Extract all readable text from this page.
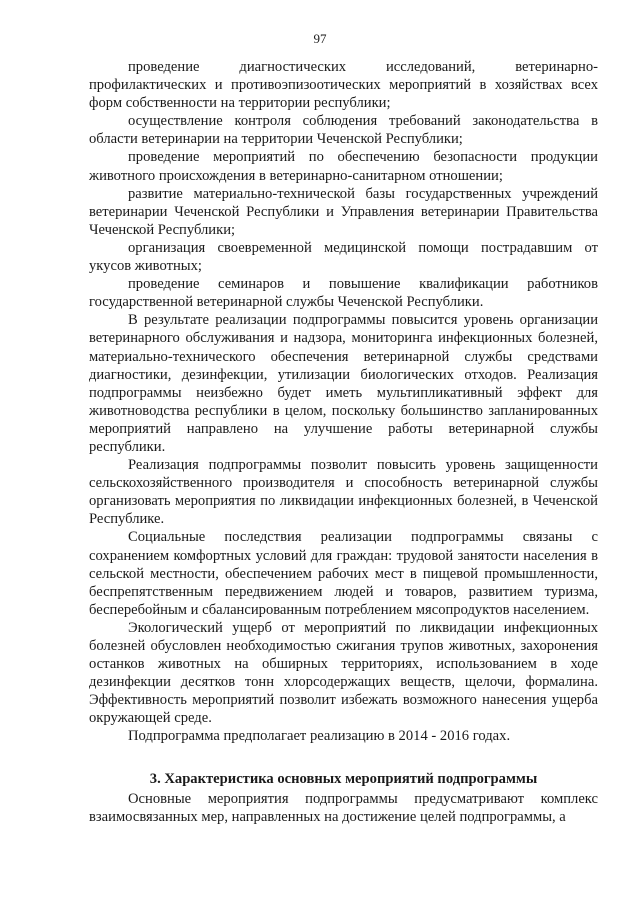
97

проведение диагностических исследований, ветеринарно-профилактических и противоэпизоотических мероприятий в хозяйствах всех форм собственности на территории республики;

осуществление контроля соблюдения требований законодательства в области ветеринарии на территории Чеченской Республики;

проведение мероприятий по обеспечению безопасности продукции животного происхождения в ветеринарно-санитарном отношении;

развитие материально-технической базы государственных учреждений ветеринарии Чеченской Республики и Управления ветеринарии Правительства Чеченской Республики;

организация своевременной медицинской помощи пострадавшим от укусов животных;

проведение семинаров и повышение квалификации работников государственной ветеринарной службы Чеченской Республики.

В результате реализации подпрограммы повысится уровень организации ветеринарного обслуживания и надзора, мониторинга инфекционных болезней, материально-технического обеспечения ветеринарной службы средствами диагностики, дезинфекции, утилизации биологических отходов. Реализация подпрограммы неизбежно будет иметь мультипликативный эффект для животноводства республики в целом, поскольку большинство запланированных мероприятий направлено на улучшение работы ветеринарной службы республики.

Реализация подпрограммы позволит повысить уровень защищенности сельскохозяйственного производителя и способность ветеринарной службы организовать мероприятия по ликвидации инфекционных болезней, в Чеченской Республике.

Социальные последствия реализации подпрограммы связаны с сохранением комфортных условий для граждан: трудовой занятости населения в сельской местности, обеспечением рабочих мест в пищевой промышленности, беспрепятственным передвижением людей и товаров, развитием туризма, бесперебойным и сбалансированным потреблением мясопродуктов населением.

Экологический ущерб от мероприятий по ликвидации инфекционных болезней обусловлен необходимостью сжигания трупов животных, захоронения останков животных на обширных территориях, использованием в ходе дезинфекции десятков тонн хлорсодержащих веществ, щелочи, формалина. Эффективность мероприятий позволит избежать возможного нанесения ущерба окружающей среде.

Подпрограмма предполагает реализацию в 2014 - 2016 годах.

3. Характеристика основных мероприятий подпрограммы

Основные мероприятия подпрограммы предусматривают комплекс взаимосвязанных мер, направленных на достижение целей подпрограммы, а
